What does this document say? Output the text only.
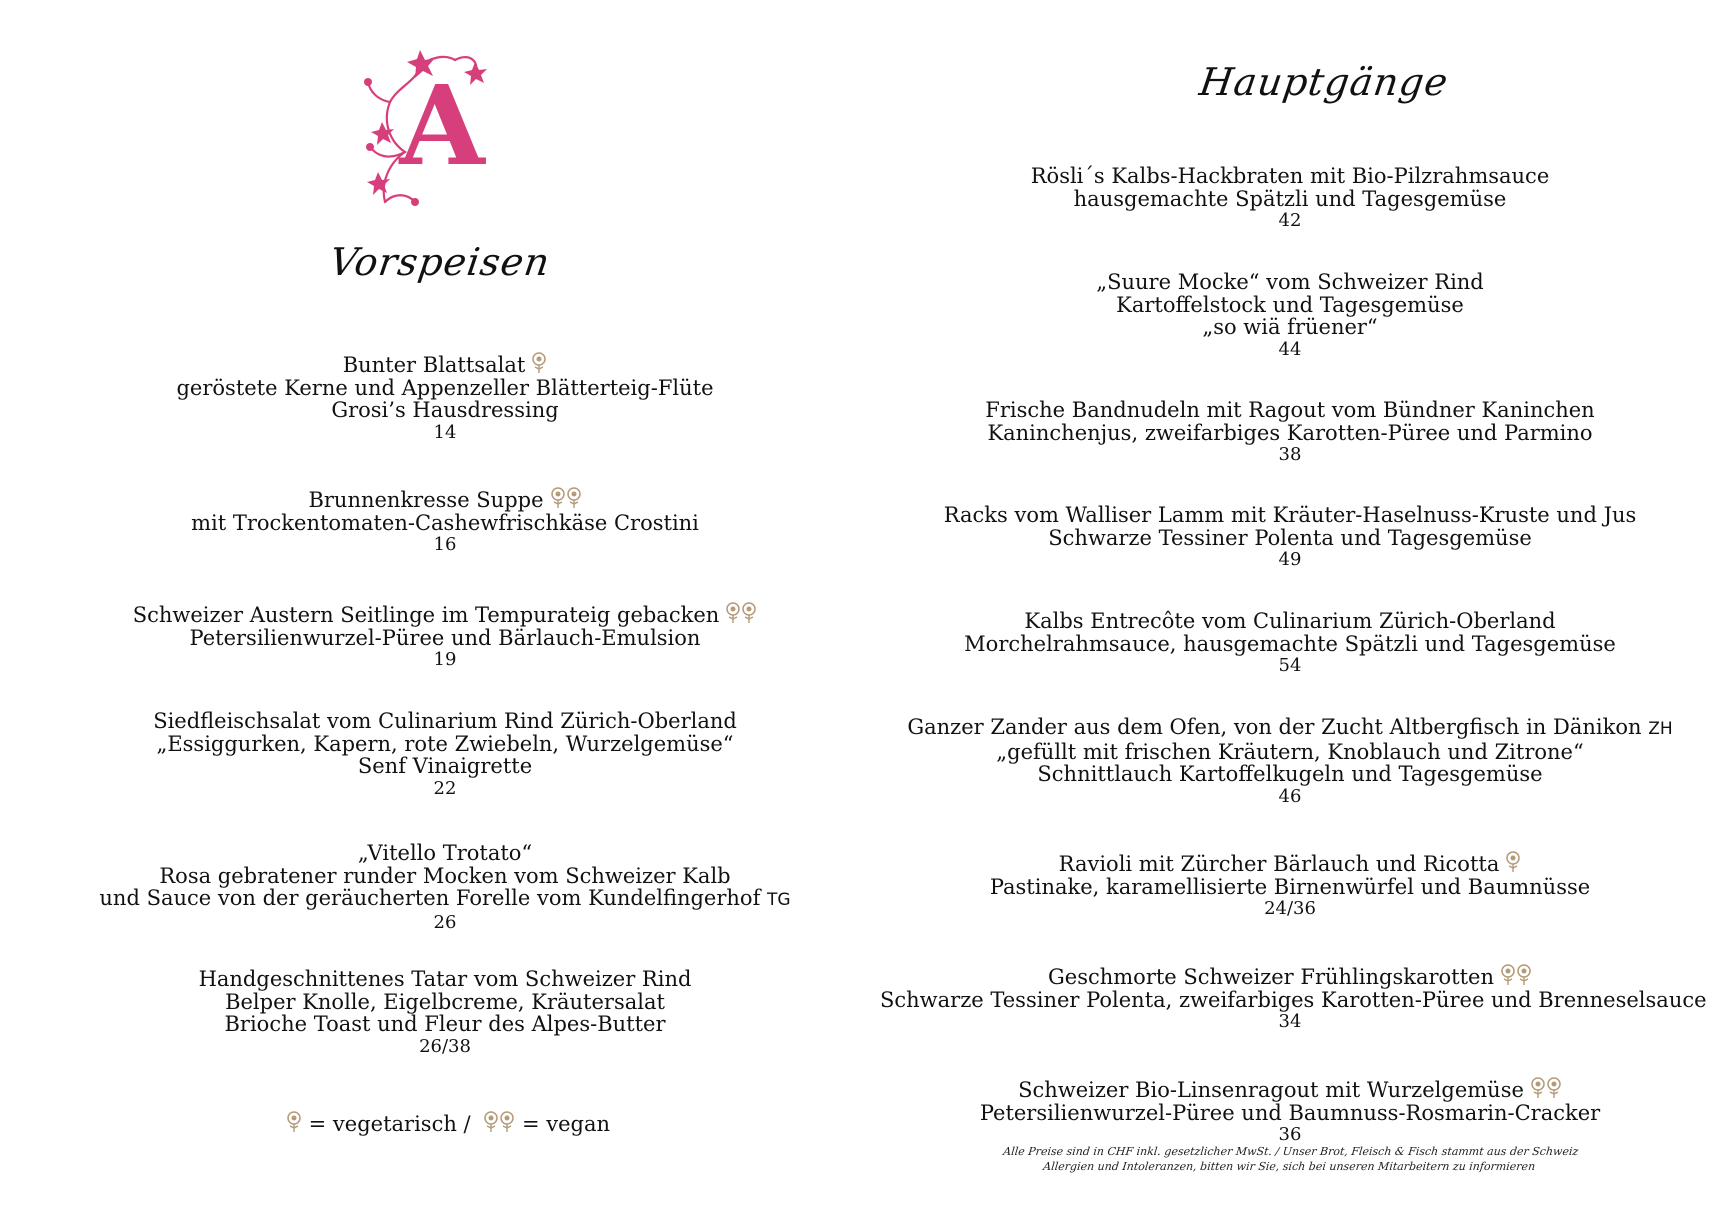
A
Vorspeisen
Hauptgänge
Bunter Blattsalat
geröstete Kerne und Appenzeller Blätterteig-Flüte
Grosi’s Hausdressing
14
Brunnenkresse Suppe
mit Trockentomaten-Cashewfrischkäse Crostini
16
Schweizer Austern Seitlinge im Tempurateig gebacken
Petersilienwurzel-Püree und Bärlauch-Emulsion
19
Siedfleischsalat vom Culinarium Rind Zürich-Oberland
„Essiggurken, Kapern, rote Zwiebeln, Wurzelgemüse“
Senf Vinaigrette
22
„Vitello Trotato“
Rosa gebratener runder Mocken vom Schweizer Kalb
und Sauce von der geräucherten Forelle vom Kundelfingerhof TG
26
Handgeschnittenes Tatar vom Schweizer Rind
Belper Knolle, Eigelbcreme, Kräutersalat
Brioche Toast und Fleur des Alpes-Butter
26/38
= vegetarisch / = vegan
Rösli´s Kalbs-Hackbraten mit Bio-Pilzrahmsauce
hausgemachte Spätzli und Tagesgemüse
42
„Suure Mocke“ vom Schweizer Rind
Kartoffelstock und Tagesgemüse
„so wiä früener“
44
Frische Bandnudeln mit Ragout vom Bündner Kaninchen
Kaninchenjus, zweifarbiges Karotten-Püree und Parmino
38
Racks vom Walliser Lamm mit Kräuter-Haselnuss-Kruste und Jus
Schwarze Tessiner Polenta und Tagesgemüse
49
Kalbs Entrecôte vom Culinarium Zürich-Oberland
Morchelrahmsauce, hausgemachte Spätzli und Tagesgemüse
54
Ganzer Zander aus dem Ofen, von der Zucht Altbergfisch in Dänikon ZH
„gefüllt mit frischen Kräutern, Knoblauch und Zitrone“
Schnittlauch Kartoffelkugeln und Tagesgemüse
46
Ravioli mit Zürcher Bärlauch und Ricotta
Pastinake, karamellisierte Birnenwürfel und Baumnüsse
24/36
Geschmorte Schweizer Frühlingskarotten
Schwarze Tessiner Polenta, zweifarbiges Karotten-Püree und Brenneselsauce
34
Schweizer Bio-Linsenragout mit Wurzelgemüse
Petersilienwurzel-Püree und Baumnuss-Rosmarin-Cracker
36
Alle Preise sind in CHF inkl. gesetzlicher MwSt. / Unser Brot, Fleisch & Fisch stammt aus der Schweiz
Allergien und Intoleranzen, bitten wir Sie, sich bei unseren Mitarbeitern zu informieren
